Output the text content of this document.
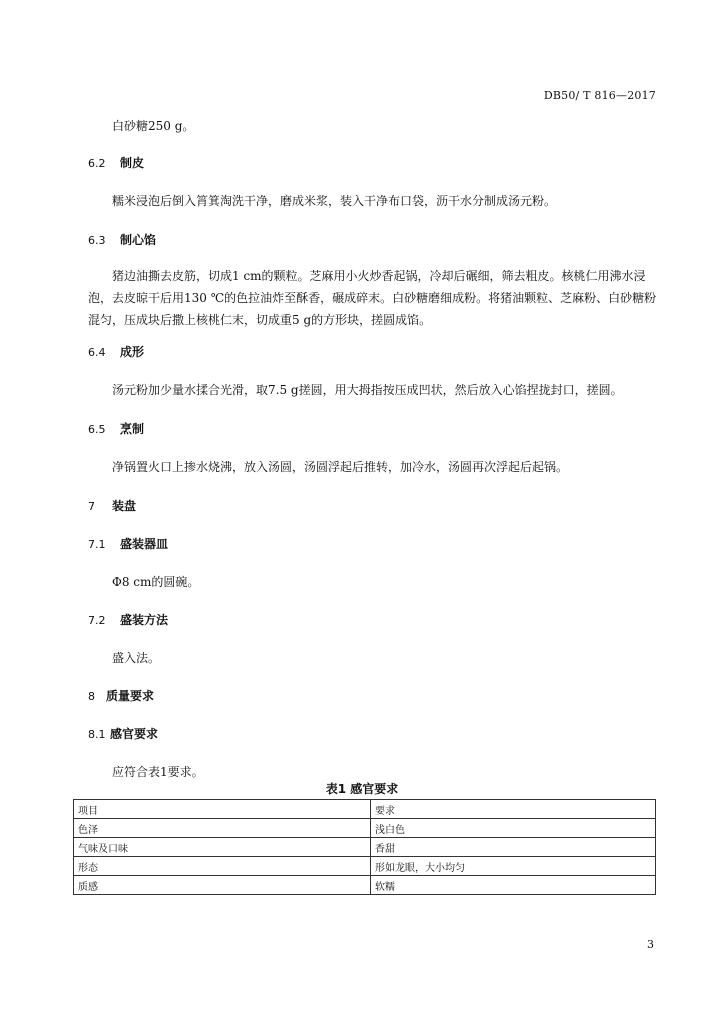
DB50/ T 816—2017
白砂糖250 g。
6.2 制皮
糯米浸泡后倒入筲箕淘洗干净，磨成米浆，装入干净布口袋，沥干水分制成汤元粉。
6.3 制心馅
猪边油撕去皮筋，切成1 cm的颗粒。芝麻用小火炒香起锅，冷却后碾细，筛去粗皮。核桃仁用沸水浸泡，去皮晾干后用130 ℃的色拉油炸至酥香，碾成碎末。白砂糖磨细成粉。将猪油颗粒、芝麻粉、白砂糖粉混匀，压成块后撒上核桃仁末，切成重5 g的方形块，搓圆成馅。
6.4 成形
汤元粉加少量水揉合光滑，取7.5 g搓圆，用大拇指按压成凹状，然后放入心馅捏拢封口，搓圆。
6.5 烹制
净锅置火口上掺水烧沸，放入汤圆，汤圆浮起后推转，加冷水，汤圆再次浮起后起锅。
7 装盘
7.1 盛装器皿
Φ8 cm的圆碗。
7.2 盛装方法
盛入法。
8 质量要求
8.1 感官要求
应符合表1要求。
表1 感官要求
项目	要求
色泽	浅白色
气味及口味	香甜
形态	形如龙眼，大小均匀
质感	软糯
3
